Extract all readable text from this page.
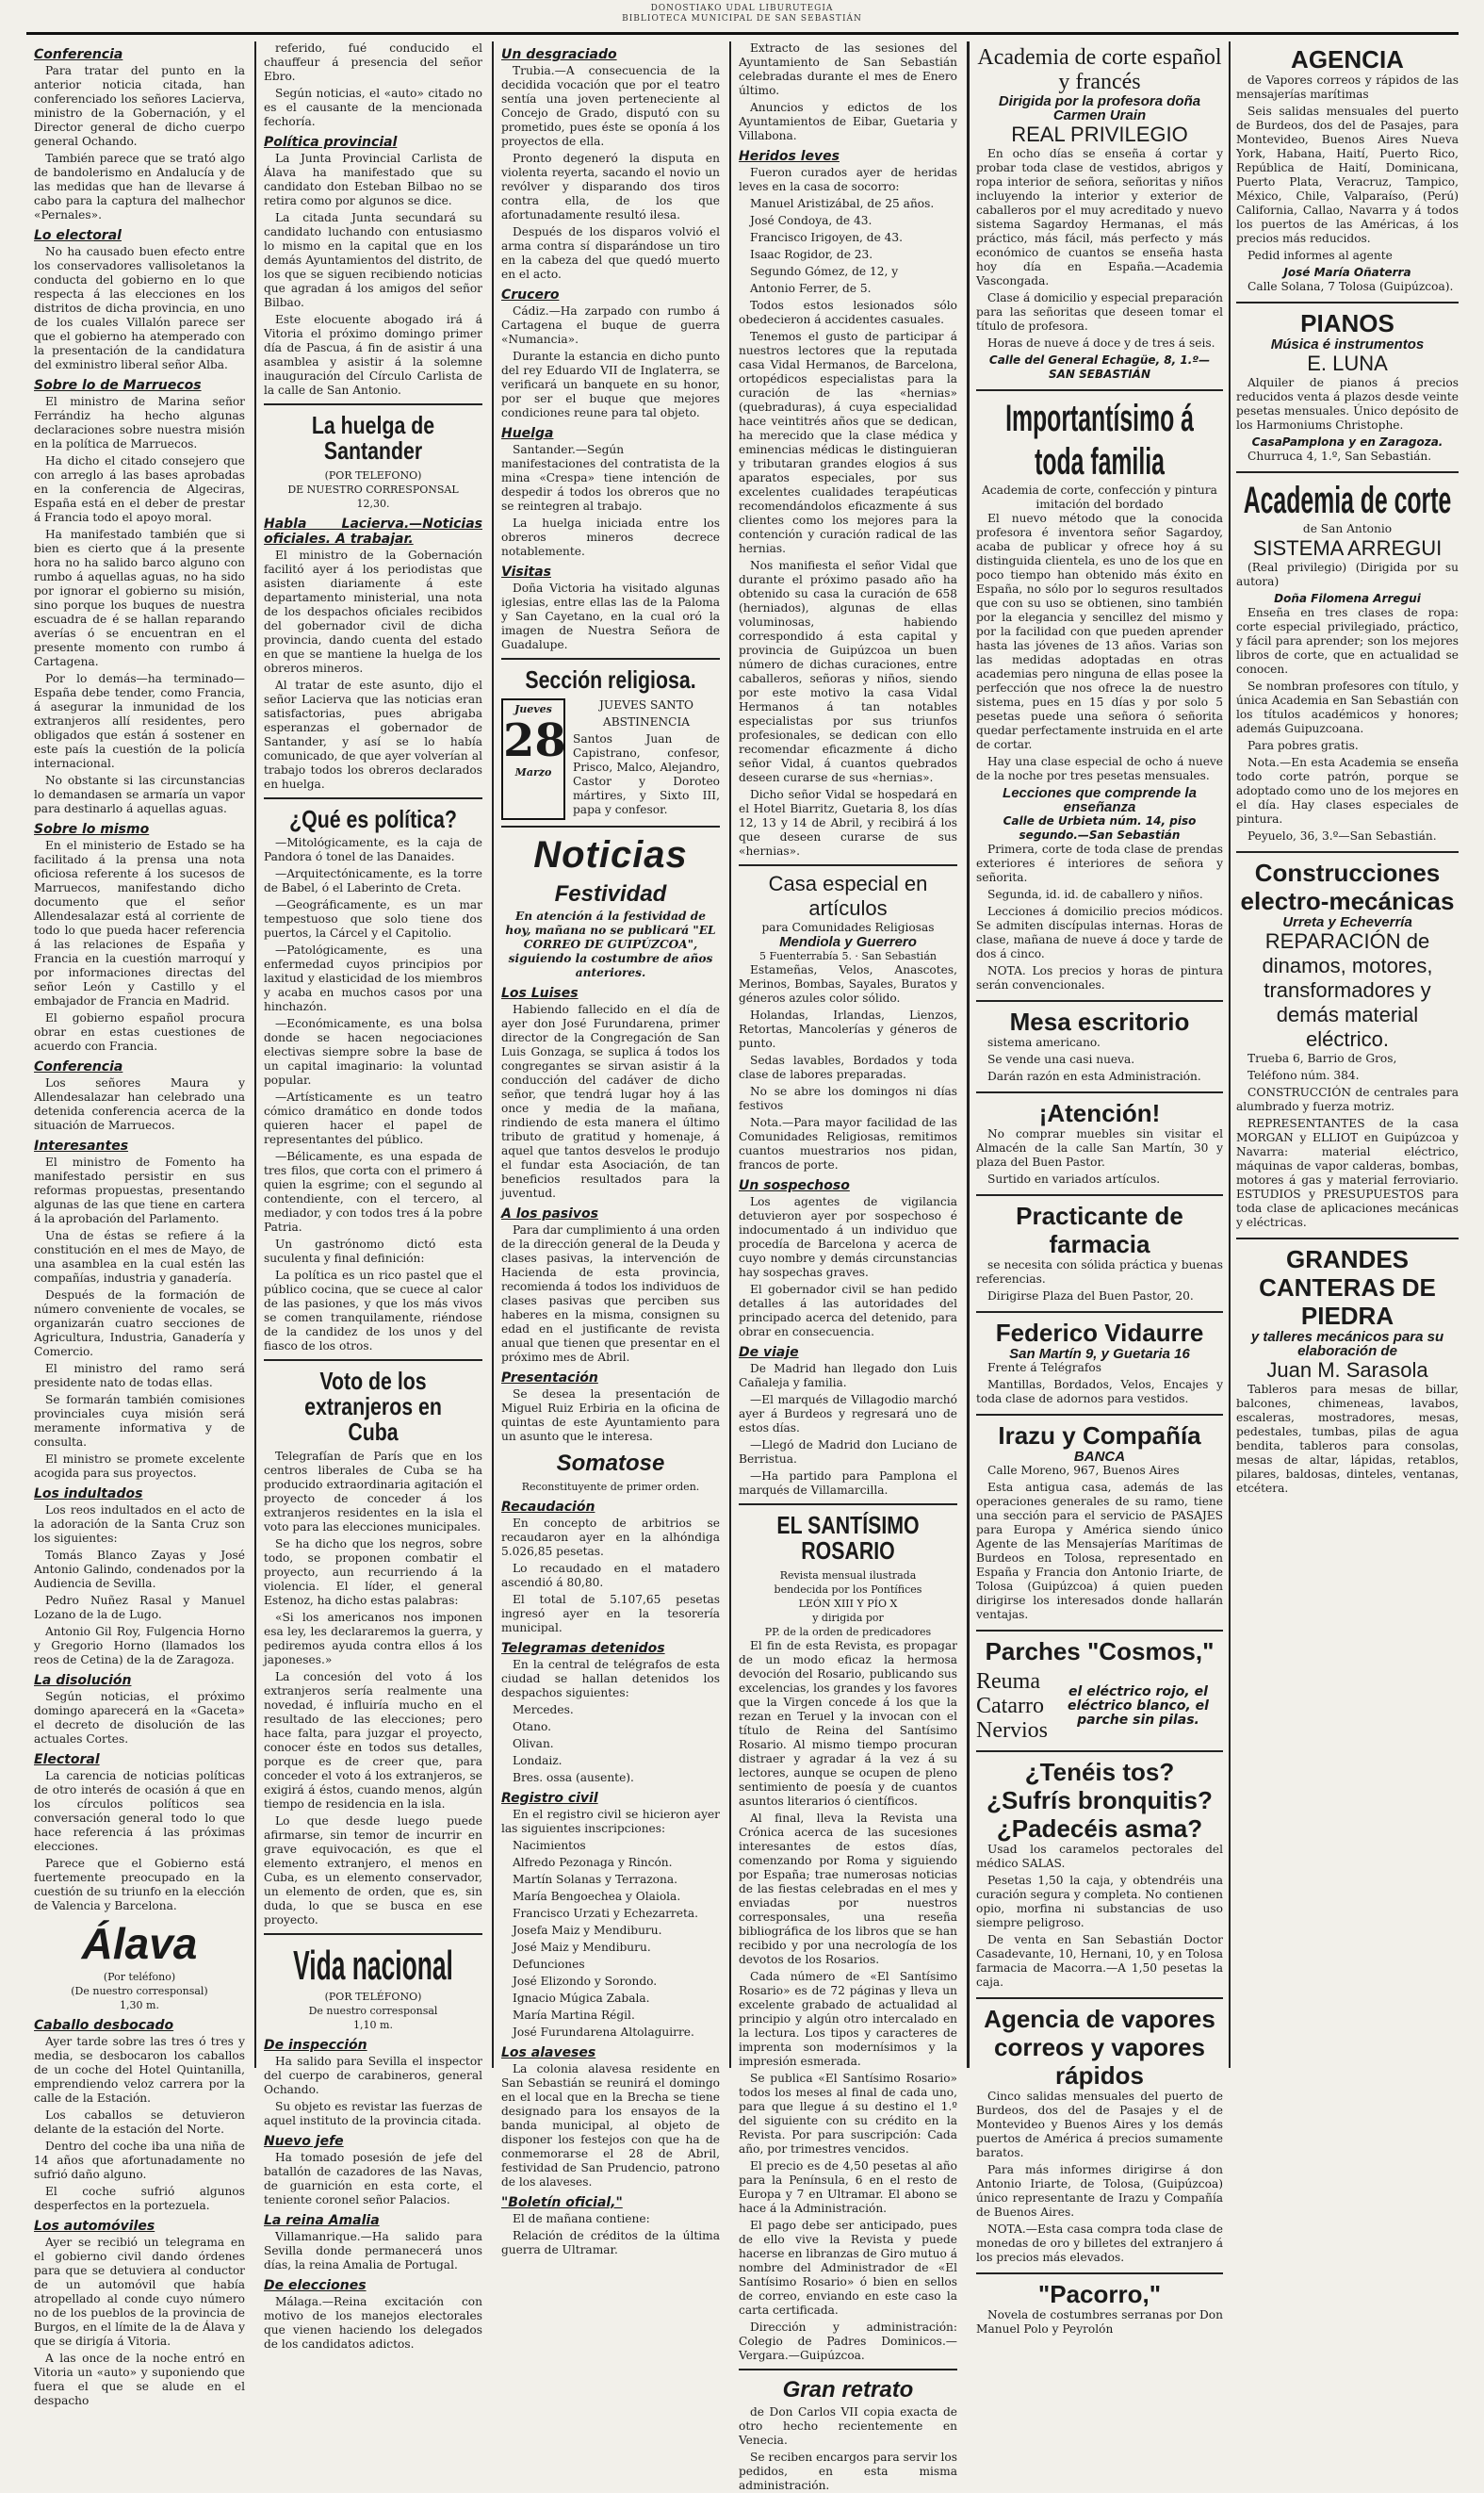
DONOSTIAKO UDAL LIBURUTEGIA
BIBLIOTECA MUNICIPAL DE SAN SEBASTIÁN
Conferencia

Para tratar del punto en la anterior noticia citada, han conferenciado los señores Lacierva, ministro de la Gobernación, y el Director general de dicho cuerpo general Ochando.

También parece que se trató algo de bandolerismo en Andalucía y de las medidas que han de llevarse á cabo para la captura del malhechor «Pernales».

Lo electoral

No ha causado buen efecto entre los conservadores vallisoletanos la conducta del gobierno en lo que respecta á las elecciones en los distritos de dicha provincia, en uno de los cuales Villalón parece ser que el gobierno ha atemperado con la presentación de la candidatura del exministro liberal señor Alba.

Sobre lo de Marruecos

El ministro de Marina señor Ferrándiz ha hecho algunas declaraciones sobre nuestra misión en la política de Marruecos.

Ha dicho el citado consejero que con arreglo á las bases aprobadas en la conferencia de Algeciras, España está en el deber de prestar á Francia todo el apoyo moral.

Ha manifestado también que si bien es cierto que á la presente hora no ha salido barco alguno con rumbo á aquellas aguas, no ha sido por ignorar el gobierno su misión, sino porque los buques de nuestra escuadra de é se hallan reparando averías ó se encuentran en el presente momento con rumbo á Cartagena.

Por lo demás—ha terminado—España debe tender, como Francia, á asegurar la inmunidad de los extranjeros allí residentes, pero obligados que están á sostener en este país la cuestión de la policía internacional.

No obstante si las circunstancias lo demandasen se armaría un vapor para destinarlo á aquellas aguas.

Sobre lo mismo

En el ministerio de Estado se ha facilitado á la prensa una nota oficiosa referente á los sucesos de Marruecos, manifestando dicho documento que el señor Allendesalazar está al corriente de todo lo que pueda hacer referencia á las relaciones de España y Francia en la cuestión marroquí y por informaciones directas del señor León y Castillo y el embajador de Francia en Madrid.

El gobierno español procura obrar en estas cuestiones de acuerdo con Francia.

Conferencia

Los señores Maura y Allendesalazar han celebrado una detenida conferencia acerca de la situación de Marruecos.

Interesantes

El ministro de Fomento ha manifestado persistir en sus reformas propuestas, presentando algunas de las que tiene en cartera á la aprobación del Parlamento.

Una de éstas se refiere á la constitución en el mes de Mayo, de una asamblea en la cual estén las compañías, industria y ganadería.

Después de la formación de número conveniente de vocales, se organizarán cuatro secciones de Agricultura, Industria, Ganadería y Comercio.

El ministro del ramo será presidente nato de todas ellas.

Se formarán también comisiones provinciales cuya misión será meramente informativa y de consulta.

El ministro se promete excelente acogida para sus proyectos.

Los indultados

Los reos indultados en el acto de la adoración de la Santa Cruz son los siguientes:

Tomás Blanco Zayas y José Antonio Galindo, condenados por la Audiencia de Sevilla.

Pedro Nuñez Rasal y Manuel Lozano de la de Lugo.

Antonio Gil Roy, Fulgencia Horno y Gregorio Horno (llamados los reos de Cetina) de la de Zaragoza.

La disolución

Según noticias, el próximo domingo aparecerá en la «Gaceta» el decreto de disolución de las actuales Cortes.

Electoral

La carencia de noticias políticas de otro interés de ocasión á que en los círculos políticos sea conversación general todo lo que hace referencia á las próximas elecciones.

Parece que el Gobierno está fuertemente preocupado en la cuestión de su triunfo en la elección de Valencia y Barcelona.

Álava
(Por teléfono)
(De nuestro corresponsal)
1,30 m.
Caballo desbocado

Ayer tarde sobre las tres ó tres y media, se desbocaron los caballos de un coche del Hotel Quintanilla, emprendiendo veloz carrera por la calle de la Estación.

Los caballos se detuvieron delante de la estación del Norte.

Dentro del coche iba una niña de 14 años que afortunadamente no sufrió daño alguno.

El coche sufrió algunos desperfectos en la portezuela.

Los automóviles

Ayer se recibió un telegrama en el gobierno civil dando órdenes para que se detuviera al conductor de un automóvil que había atropellado al conde cuyo número no de los pueblos de la provincia de Burgos, en el límite de la de Álava y que se dirigía á Vitoria.

A las once de la noche entró en Vitoria un «auto» y suponiendo que fuera el que se alude en el despacho

referido, fué conducido el chauffeur á presencia del señor Ebro.

Según noticias, el «auto» citado no es el causante de la mencionada fechoría.

Política provincial

La Junta Provincial Carlista de Álava ha manifestado que su candidato don Esteban Bilbao no se retira como por algunos se dice.

La citada Junta secundará su candidato luchando con entusiasmo lo mismo en la capital que en los demás Ayuntamientos del distrito, de los que se siguen recibiendo noticias que agradan á los amigos del señor Bilbao.

Este elocuente abogado irá á Vitoria el próximo domingo primer día de Pascua, á fin de asistir á una asamblea y asistir á la solemne inauguración del Círculo Carlista de la calle de San Antonio.

La huelga de Santander
(POR TELEFONO)
DE NUESTRO CORRESPONSAL
12,30.
Habla Lacierva.—Noticias oficiales. A trabajar.

El ministro de la Gobernación facilitó ayer á los periodistas que asisten diariamente á este departamento ministerial, una nota de los despachos oficiales recibidos del gobernador civil de dicha provincia, dando cuenta del estado en que se mantiene la huelga de los obreros mineros.

Al tratar de este asunto, dijo el señor Lacierva que las noticias eran satisfactorias, pues abrigaba esperanzas el gobernador de Santander, y así se lo había comunicado, de que ayer volverían al trabajo todos los obreros declarados en huelga.

¿Qué es política?

—Mitológicamente, es la caja de Pandora ó tonel de las Danaides.

—Arquitectónicamente, es la torre de Babel, ó el Laberinto de Creta.

—Geográficamente, es un mar tempestuoso que solo tiene dos puertos, la Cárcel y el Capitolio.

—Patológicamente, es una enfermedad cuyos principios por laxitud y elasticidad de los miembros y acaba en muchos casos por una hinchazón.

—Económicamente, es una bolsa donde se hacen negociaciones electivas siempre sobre la base de un capital imaginario: la voluntad popular.

—Artísticamente es un teatro cómico dramático en donde todos quieren hacer el papel de representantes del público.

—Bélicamente, es una espada de tres filos, que corta con el primero á quien la esgrime; con el segundo al contendiente, con el tercero, al mediador, y con todos tres á la pobre Patria.

Un gastrónomo dictó esta suculenta y final definición:

La política es un rico pastel que el público cocina, que se cuece al calor de las pasiones, y que los más vivos se comen tranquilamente, riéndose de la candidez de los unos y del fiasco de los otros.

Voto de los extranjeros en Cuba

Telegrafían de París que en los centros liberales de Cuba se ha producido extraordinaria agitación el proyecto de conceder á los extranjeros residentes en la isla el voto para las elecciones municipales.

Se ha dicho que los negros, sobre todo, se proponen combatir el proyecto, aun recurriendo á la violencia. El líder, el general Estenoz, ha dicho estas palabras:

«Si los americanos nos imponen esa ley, les declararemos la guerra, y pediremos ayuda contra ellos á los japoneses.»

La concesión del voto á los extranjeros sería realmente una novedad, é influiría mucho en el resultado de las elecciones; pero hace falta, para juzgar el proyecto, conocer éste en todos sus detalles, porque es de creer que, para conceder el voto á los extranjeros, se exigirá á éstos, cuando menos, algún tiempo de residencia en la isla.

Lo que desde luego puede afirmarse, sin temor de incurrir en grave equivocación, es que el elemento extranjero, el menos en Cuba, es un elemento conservador, un elemento de orden, que es, sin duda, lo que se busca en ese proyecto.

Vida nacional
(POR TELÉFONO)
De nuestro corresponsal
1,10 m.
De inspección

Ha salido para Sevilla el inspector del cuerpo de carabineros, general Ochando.

Su objeto es revistar las fuerzas de aquel instituto de la provincia citada.

Nuevo jefe

Ha tomado posesión de jefe del batallón de cazadores de las Navas, de guarnición en esta corte, el teniente coronel señor Palacios.

La reina Amalia

Villamanrique.—Ha salido para Sevilla donde permanecerá unos días, la reina Amalia de Portugal.

De elecciones

Málaga.—Reina excitación con motivo de los manejos electorales que vienen haciendo los delegados de los candidatos adictos.

Un desgraciado

Trubia.—A consecuencia de la decidida vocación que por el teatro sentía una joven perteneciente al Concejo de Grado, disputó con su prometido, pues éste se oponía á los proyectos de ella.

Pronto degeneró la disputa en violenta reyerta, sacando el novio un revólver y disparando dos tiros contra ella, de los que afortunadamente resultó ilesa.

Después de los disparos volvió el arma contra sí disparándose un tiro en la cabeza del que quedó muerto en el acto.

Crucero

Cádiz.—Ha zarpado con rumbo á Cartagena el buque de guerra «Numancia».

Durante la estancia en dicho punto del rey Eduardo VII de Inglaterra, se verificará un banquete en su honor, por ser el buque que mejores condiciones reune para tal objeto.

Huelga

Santander.—Según manifestaciones del contratista de la mina «Crespa» tiene intención de despedir á todos los obreros que no se reintegren al trabajo.

La huelga iniciada entre los obreros mineros decrece notablemente.

Visitas

Doña Victoria ha visitado algunas iglesias, entre ellas las de la Paloma y San Cayetano, en la cual oró la imagen de Nuestra Señora de Guadalupe.

Sección religiosa.
Jueves
28
Marzo

JUEVES SANTO

ABSTINENCIA

Santos Juan de Capistrano, confesor, Prisco, Malco, Alejandro, Castor y Doroteo mártires, y Sixto III, papa y confesor.

Noticias
Festividad
En atención á la festividad de hoy, mañana no se publicará "EL CORREO DE GUIPÚZCOA", siguiendo la costumbre de años anteriores.
Los Luises

Habiendo fallecido en el día de ayer don José Furundarena, primer director de la Congregación de San Luis Gonzaga, se suplica á todos los congregantes se sirvan asistir á la conducción del cadáver de dicho señor, que tendrá lugar hoy á las once y media de la mañana, rindiendo de esta manera el último tributo de gratitud y homenaje, á aquel que tantos desvelos le produjo el fundar esta Asociación, de tan beneficios resultados para la juventud.

A los pasivos

Para dar cumplimiento á una orden de la dirección general de la Deuda y clases pasivas, la intervención de Hacienda de esta provincia, recomienda á todos los individuos de clases pasivas que perciben sus haberes en la misma, consignen su edad en el justificante de revista anual que tienen que presentar en el próximo mes de Abril.

Presentación

Se desea la presentación de Miguel Ruiz Erbiria en la oficina de quintas de este Ayuntamiento para un asunto que le interesa.

Somatose
Reconstituyente de primer orden.
Recaudación

En concepto de arbitrios se recaudaron ayer en la alhóndiga 5.026,85 pesetas.

Lo recaudado en el matadero ascendió á 80,80.

El total de 5.107,65 pesetas ingresó ayer en la tesorería municipal.

Telegramas detenidos

En la central de telégrafos de esta ciudad se hallan detenidos los despachos siguientes:

Mercedes.

Otano.

Olivan.

Londaiz.

Bres. ossa (ausente).

Registro civil

En el registro civil se hicieron ayer las siguientes inscripciones:

Nacimientos

Alfredo Pezonaga y Rincón.

Martín Solanas y Terrazona.

María Bengoechea y Olaiola.

Francisco Urzati y Echezarreta.

Josefa Maiz y Mendiburu.

José Maiz y Mendiburu.

Defunciones

José Elizondo y Sorondo.

Ignacio Múgica Zabala.

María Martina Régil.

José Furundarena Altolaguirre.

Los alaveses

La colonia alavesa residente en San Sebastián se reunirá el domingo en el local que en la Brecha se tiene designado para los ensayos de la banda municipal, al objeto de disponer los festejos con que ha de conmemorarse el 28 de Abril, festividad de San Prudencio, patrono de los alaveses.

"Boletín oficial,"

El de mañana contiene:

Relación de créditos de la última guerra de Ultramar.

Extracto de las sesiones del Ayuntamiento de San Sebastián celebradas durante el mes de Enero último.

Anuncios y edictos de los Ayuntamientos de Eibar, Guetaria y Villabona.

Heridos leves

Fueron curados ayer de heridas leves en la casa de socorro:

Manuel Aristizábal, de 25 años.

José Condoya, de 43.

Francisco Irigoyen, de 43.

Isaac Rogidor, de 23.

Segundo Gómez, de 12, y

Antonio Ferrer, de 5.

Todos estos lesionados sólo obedecieron á accidentes casuales.

Tenemos el gusto de participar á nuestros lectores que la reputada casa Vidal Hermanos, de Barcelona, ortopédicos especialistas para la curación de las «hernias» (quebraduras), á cuya especialidad hace veintitrés años que se dedican, ha merecido que la clase médica y eminencias médicas le distinguieran y tributaran grandes elogios á sus aparatos especiales, por sus excelentes cualidades terapéuticas recomendándolos eficazmente á sus clientes como los mejores para la contención y curación radical de las hernias.

Nos manifiesta el señor Vidal que durante el próximo pasado año ha obtenido su casa la curación de 658 (herniados), algunas de ellas voluminosas, habiendo correspondido á esta capital y provincia de Guipúzcoa un buen número de dichas curaciones, entre caballeros, señoras y niños, siendo por este motivo la casa Vidal Hermanos á tan notables especialistas por sus triunfos profesionales, se dedican con ello recomendar eficazmente á dicho señor Vidal, á cuantos quebrados deseen curarse de sus «hernias».

Dicho señor Vidal se hospedará en el Hotel Biarritz, Guetaria 8, los días 12, 13 y 14 de Abril, y recibirá á los que deseen curarse de sus «hernias».

Casa especial en artículos
para Comunidades Religiosas
Mendiola y Guerrero
5 Fuenterrabía 5. · San Sebastián

Estameñas, Velos, Anascotes, Merinos, Bombas, Sayales, Buratos y géneros azules color sólido.

Holandas, Irlandas, Lienzos, Retortas, Mancolerías y géneros de punto.

Sedas lavables, Bordados y toda clase de labores preparadas.

No se abre los domingos ni días festivos

Nota.—Para mayor facilidad de las Comunidades Religiosas, remitimos cuantos muestrarios nos pidan, francos de porte.

Un sospechoso

Los agentes de vigilancia detuvieron ayer por sospechoso é indocumentado á un individuo que procedía de Barcelona y acerca de cuyo nombre y demás circunstancias hay sospechas graves.

El gobernador civil se han pedido detalles á las autoridades del principado acerca del detenido, para obrar en consecuencia.

De viaje

De Madrid han llegado don Luis Cañaleja y familia.

—El marqués de Villagodio marchó ayer á Burdeos y regresará uno de estos días.

—Llegó de Madrid don Luciano de Berristua.

—Ha partido para Pamplona el marqués de Villamarcilla.

EL SANTÍSIMO ROSARIO
Revista mensual ilustrada
bendecida por los Pontífices
LEÓN XIII Y PÍO X
y dirigida por
PP. de la orden de predicadores

El fin de esta Revista, es propagar de un modo eficaz la hermosa devoción del Rosario, publicando sus excelencias, los grandes y los favores que la Virgen concede á los que la rezan en Teruel y la invocan con el título de Reina del Santísimo Rosario. Al mismo tiempo procuran distraer y agradar á la vez á su lectores, aunque se ocupen de pleno sentimiento de poesía y de cuantos asuntos literarios ó científicos.

Al final, lleva la Revista una Crónica acerca de las sucesiones interesantes de estos días, comenzando por Roma y siguiendo por España; trae numerosas noticias de las fiestas celebradas en el mes y enviadas por nuestros corresponsales, una reseña bibliográfica de los libros que se han recibido y por una necrología de los devotos de los Rosarios.

Cada número de «El Santísimo Rosario» es de 72 páginas y lleva un excelente grabado de actualidad al principio y algún otro intercalado en la lectura. Los tipos y caracteres de imprenta son modernísimos y la impresión esmerada.

Se publica «El Santísimo Rosario» todos los meses al final de cada uno, para que llegue á su destino el 1.º del siguiente con su crédito en la Revista. Por para suscripción: Cada año, por trimestres vencidos.

El precio es de 4,50 pesetas al año para la Península, 6 en el resto de Europa y 7 en Ultramar. El abono se hace á la Administración.

El pago debe ser anticipado, pues de ello vive la Revista y puede hacerse en libranzas de Giro mutuo á nombre del Administrador de «El Santísimo Rosario» ó bien en sellos de correo, enviando en este caso la carta certificada.

Dirección y administración: Colegio de Padres Dominicos.—Vergara.—Guipúzcoa.

Gran retrato

de Don Carlos VII copia exacta de otro hecho recientemente en Venecia.

Se reciben encargos para servir los pedidos, en esta misma administración.

Academia de corte español y francés
Dirigida por la profesora doña Carmen Urain
REAL PRIVILEGIO

En ocho días se enseña á cortar y probar toda clase de vestidos, abrigos y ropa interior de señora, señoritas y niños incluyendo la interior y exterior de caballeros por el muy acreditado y nuevo sistema Sagardoy Hermanas, el más práctico, más fácil, más perfecto y más económico de cuantos se enseña hasta hoy día en España.—Academia Vascongada.

Clase á domicilio y especial preparación para las señoritas que deseen tomar el título de profesora.

Horas de nueve á doce y de tres á seis.

Calle del General Echagüe, 8, 1.º—SAN SEBASTIÁN
Importantísimo á toda familia
Academia de corte, confección y pintura imitación del bordado

El nuevo método que la conocida profesora é inventora señor Sagardoy, acaba de publicar y ofrece hoy á su distinguida clientela, es uno de los que en poco tiempo han obtenido más éxito en España, no sólo por lo seguros resultados que con su uso se obtienen, sino también por la elegancia y sencillez del mismo y por la facilidad con que pueden aprender hasta las jóvenes de 13 años. Varias son las medidas adoptadas en otras academias pero ninguna de ellas posee la perfección que nos ofrece la de nuestro sistema, pues en 15 días y por solo 5 pesetas puede una señora ó señorita quedar perfectamente instruida en el arte de cortar.

Hay una clase especial de ocho á nueve de la noche por tres pesetas mensuales.

Lecciones que comprende la enseñanza
Calle de Urbieta núm. 14, piso segundo.—San Sebastián

Primera, corte de toda clase de prendas exteriores é interiores de señora y señorita.

Segunda, id. id. de caballero y niños.

Lecciones á domicilio precios módicos. Se admiten discípulas internas. Horas de clase, mañana de nueve á doce y tarde de dos á cinco.

NOTA. Los precios y horas de pintura serán convencionales.

Mesa escritorio

sistema americano.

Se vende una casi nueva.

Darán razón en esta Administración.

¡Atención!

No comprar muebles sin visitar el Almacén de la calle San Martín, 30 y plaza del Buen Pastor.

Surtido en variados artículos.

Practicante de farmacia

se necesita con sólida práctica y buenas referencias.

Dirigirse Plaza del Buen Pastor, 20.

Federico Vidaurre
San Martín 9, y Guetaria 16

Frente á Telégrafos

Mantillas, Bordados, Velos, Encajes y toda clase de adornos para vestidos.

Irazu y Compañía
BANCA

Calle Moreno, 967, Buenos Aires

Esta antigua casa, además de las operaciones generales de su ramo, tiene una sección para el servicio de PASAJES para Europa y América siendo único Agente de las Mensajerías Marítimas de Burdeos en Tolosa, representado en España y Francia don Antonio Iriarte, de Tolosa (Guipúzcoa) á quien pueden dirigirse los interesados donde hallarán ventajas.

Parches "Cosmos,"
Reuma
Catarro
Nervios
el eléctrico rojo, el eléctrico blanco, el parche sin pilas.
¿Tenéis tos?
¿Sufrís bronquitis?
¿Padecéis asma?

Usad los caramelos pectorales del médico SALAS.

Pesetas 1,50 la caja, y obtendréis una curación segura y completa. No contienen opio, morfina ni substancias de uso siempre peligroso.

De venta en San Sebastián Doctor Casadevante, 10, Hernani, 10, y en Tolosa farmacia de Macorra.—A 1,50 pesetas la caja.

Agencia de vapores correos y vapores rápidos

Cinco salidas mensuales del puerto de Burdeos, dos del de Pasajes y el de Montevideo y Buenos Aires y los demás puertos de América á precios sumamente baratos.

Para más informes dirigirse á don Antonio Iriarte, de Tolosa, (Guipúzcoa) único representante de Irazu y Compañía de Buenos Aires.

NOTA.—Esta casa compra toda clase de monedas de oro y billetes del extranjero á los precios más elevados.

"Pacorro,"

Novela de costumbres serranas por Don Manuel Polo y Peyrolón

AGENCIA

de Vapores correos y rápidos de las mensajerías marítimas

Seis salidas mensuales del puerto de Burdeos, dos del de Pasajes, para Montevideo, Buenos Aires Nueva York, Habana, Haití, Puerto Rico, República de Haití, Dominicana, Puerto Plata, Veracruz, Tampico, México, Chile, Valparaíso, (Perú) California, Callao, Navarra y á todos los puertos de las Américas, á los precios más reducidos.

Pedid informes al agente

José María Oñaterra

Calle Solana, 7 Tolosa (Guipúzcoa).

PIANOS
Música é instrumentos
E. LUNA

Alquiler de pianos á precios reducidos venta á plazos desde veinte pesetas mensuales. Único depósito de los Harmoniums Christophe.

CasaPamplona y en Zaragoza.

Churruca 4, 1.º, San Sebastián.

Academia de corte
de San Antonio
SISTEMA ARREGUI

(Real privilegio) (Dirigida por su autora)

Doña Filomena Arregui

Enseña en tres clases de ropa: corte especial privilegiado, práctico, y fácil para aprender; son los mejores libros de corte, que en actualidad se conocen.

Se nombran profesores con título, y única Academia en San Sebastián con los títulos académicos y honores; además Guipuzcoana.

Para pobres gratis.

Nota.—En esta Academia se enseña todo corte patrón, porque se adoptado como uno de los mejores en el día. Hay clases especiales de pintura.

Peyuelo, 36, 3.º—San Sebastián.

Construcciones electro-mecánicas
Urreta y Echeverría
REPARACIÓN de dinamos, motores, transformadores y demás material eléctrico.

Trueba 6, Barrio de Gros,

Teléfono núm. 384.

CONSTRUCCIÓN de centrales para alumbrado y fuerza motriz.

REPRESENTANTES de la casa MORGAN y ELLIOT en Guipúzcoa y Navarra: material eléctrico, máquinas de vapor calderas, bombas, motores á gas y material ferroviario. ESTUDIOS y PRESUPUESTOS para toda clase de aplicaciones mecánicas y eléctricas.

GRANDES CANTERAS DE PIEDRA
y talleres mecánicos para su elaboración de
Juan M. Sarasola

Tableros para mesas de billar, balcones, chimeneas, lavabos, escaleras, mostradores, mesas, pedestales, tumbas, pilas de agua bendita, tableros para consolas, mesas de altar, lápidas, retablos, pilares, baldosas, dinteles, ventanas, etcétera.
